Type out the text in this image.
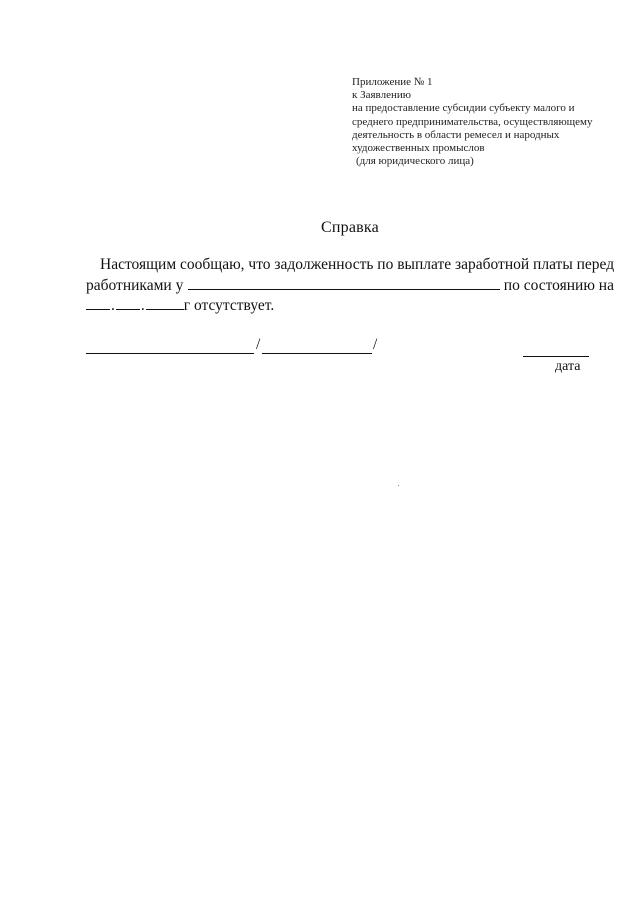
Приложение № 1
к Заявлению
на предоставление субсидии субъекту малого и
среднего предпринимательства, осуществляющему
деятельность в области ремесел и народных
художественных промыслов
(для юридического лица)
Справка
Настоящим сообщаю, что задолженность по выплате заработной платы перед
работниками у	по состоянию на
. .	г отсутствует.
/	/
дата
